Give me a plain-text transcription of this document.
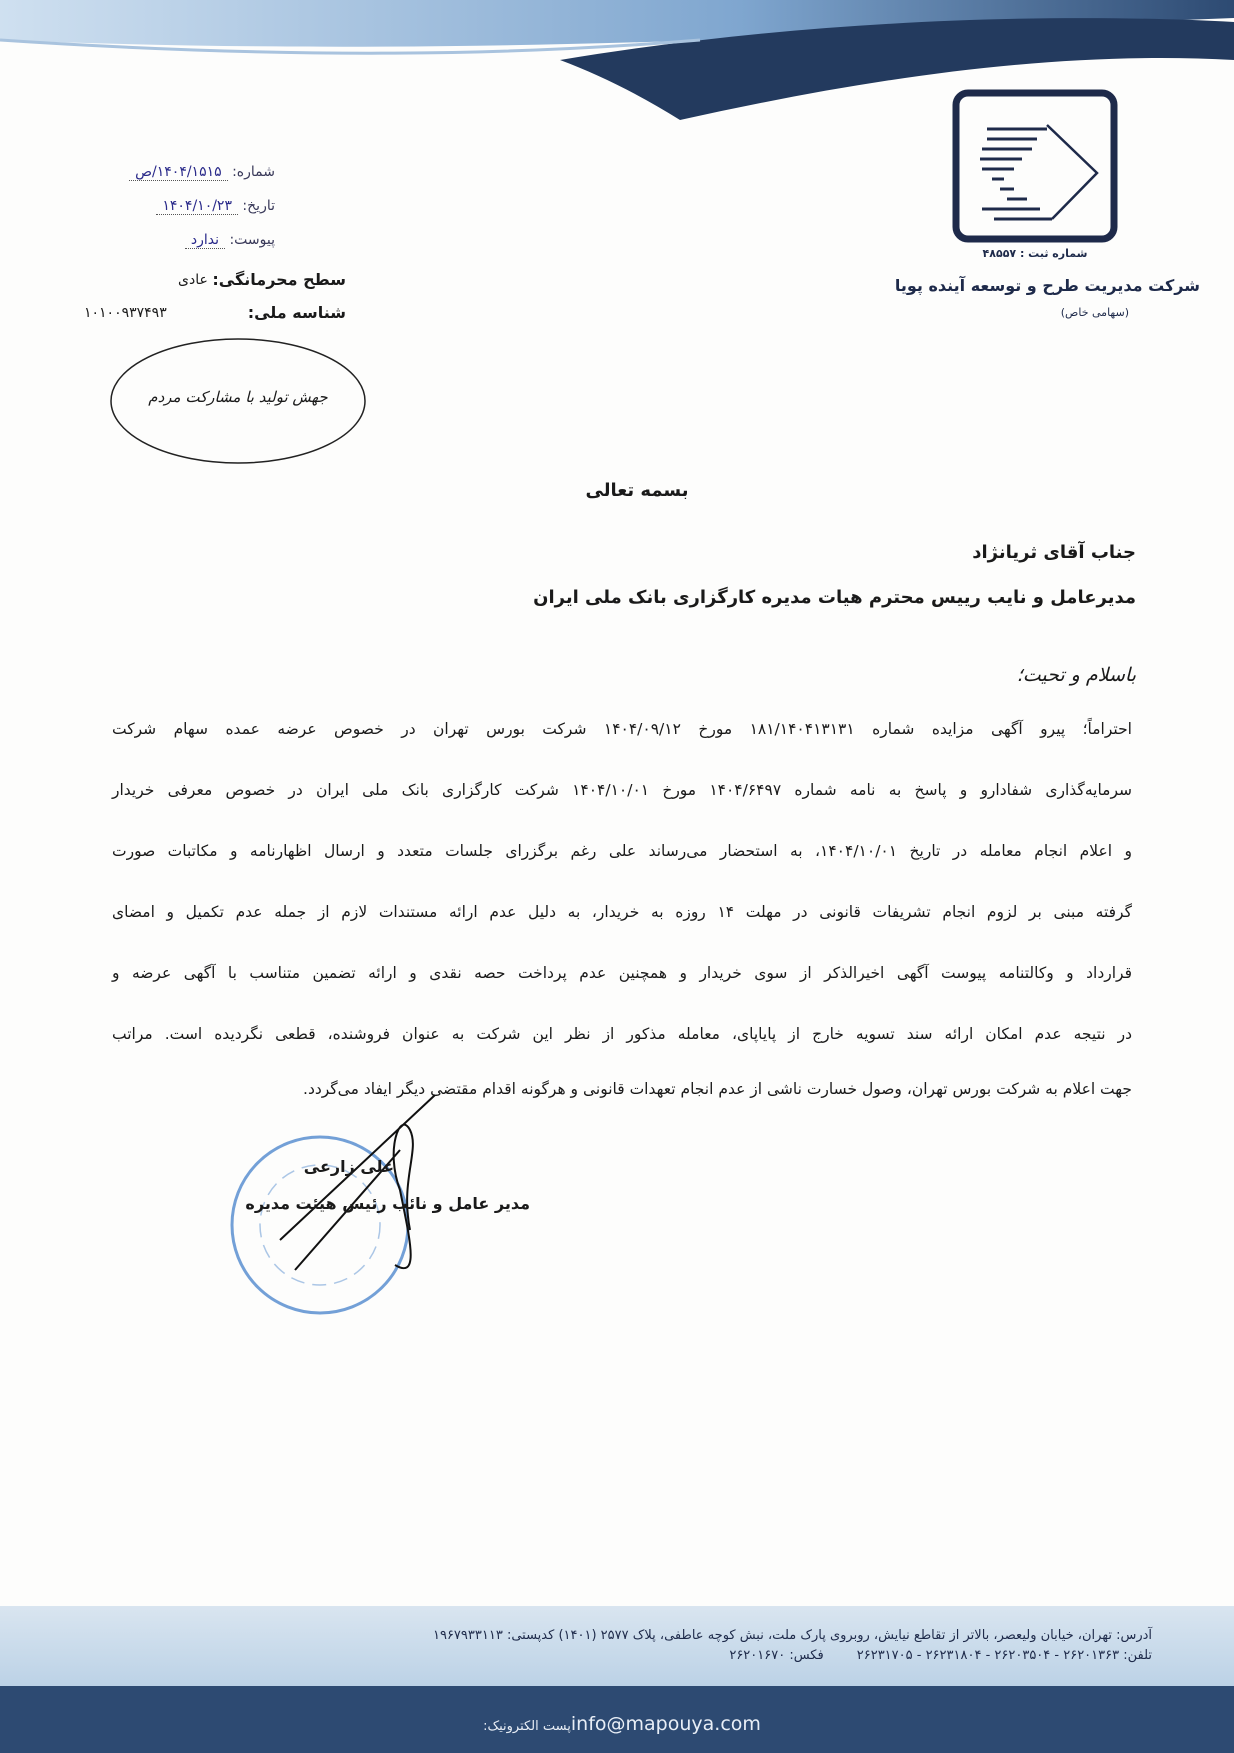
شماره ثبت : ۴۸۵۵۷
شرکت مدیریت طرح و توسعه آینده پویا
(سهامی خاص)
شماره: ۱۴۰۴/۱۵۱۵/ص
تاریخ: ۱۴۰۴/۱۰/۲۳
پیوست: ندارد
سطح محرمانگی:
عادی
شناسه ملی:
۱۰۱۰۰۹۳۷۴۹۳
جهش تولید با مشارکت مردم
بسمه تعالی
جناب آقای ثریانژاد
مدیرعامل و نایب رییس محترم هیات مدیره کارگزاری بانک ملی ایران
باسلام و تحیت؛
احتراماً؛ پیرو آگهی مزایده شماره ۱۸۱/۱۴۰۴۱۳۱۳۱ مورخ ۱۴۰۴/۰۹/۱۲ شرکت بورس تهران در خصوص عرضه عمده سهام شرکت
سرمایه‌گذاری شفادارو و پاسخ به نامه شماره ۱۴۰۴/۶۴۹۷ مورخ ۱۴۰۴/۱۰/۰۱ شرکت کارگزاری بانک ملی ایران در خصوص معرفی خریدار
و اعلام انجام معامله در تاریخ ۱۴۰۴/۱۰/۰۱، به استحضار می‌رساند علی رغم برگزرای جلسات متعدد و ارسال اظهارنامه و مکاتبات صورت
گرفته مبنی بر لزوم انجام تشریفات قانونی در مهلت ۱۴ روزه به خریدار، به دلیل عدم ارائه مستندات لازم از جمله عدم تکمیل و امضای
قرارداد و وکالتنامه پیوست آگهی اخیرالذکر از سوی خریدار و همچنین عدم پرداخت حصه نقدی و ارائه تضمین متناسب با آگهی عرضه و
در نتیجه عدم امکان ارائه سند تسویه خارج از پایاپای، معامله مذکور از نظر این شرکت به عنوان فروشنده، قطعی نگردیده است. مراتب
جهت اعلام به شرکت بورس تهران، وصول خسارت ناشی از عدم انجام تعهدات قانونی و هرگونه اقدام مقتضی دیگر ایفاد می‌گردد.
علی زارعی
مدیر عامل و نائب رئیس هیئت مدیره
آدرس: تهران، خیابان ولیعصر، بالاتر از تقاطع نیایش، روبروی پارک ملت، نبش کوچه عاطفی، پلاک ۲۵۷۷ (۱۴۰۱) کدپستی: ۱۹۶۷۹۳۳۱۱۳
تلفن: ۲۶۲۰۱۳۶۳ - ۲۶۲۰۳۵۰۴ - ۲۶۲۳۱۸۰۴ - ۲۶۲۳۱۷۰۵        فکس: ۲۶۲۰۱۶۷۰
پست الکترونیک:info@mapouya.com
